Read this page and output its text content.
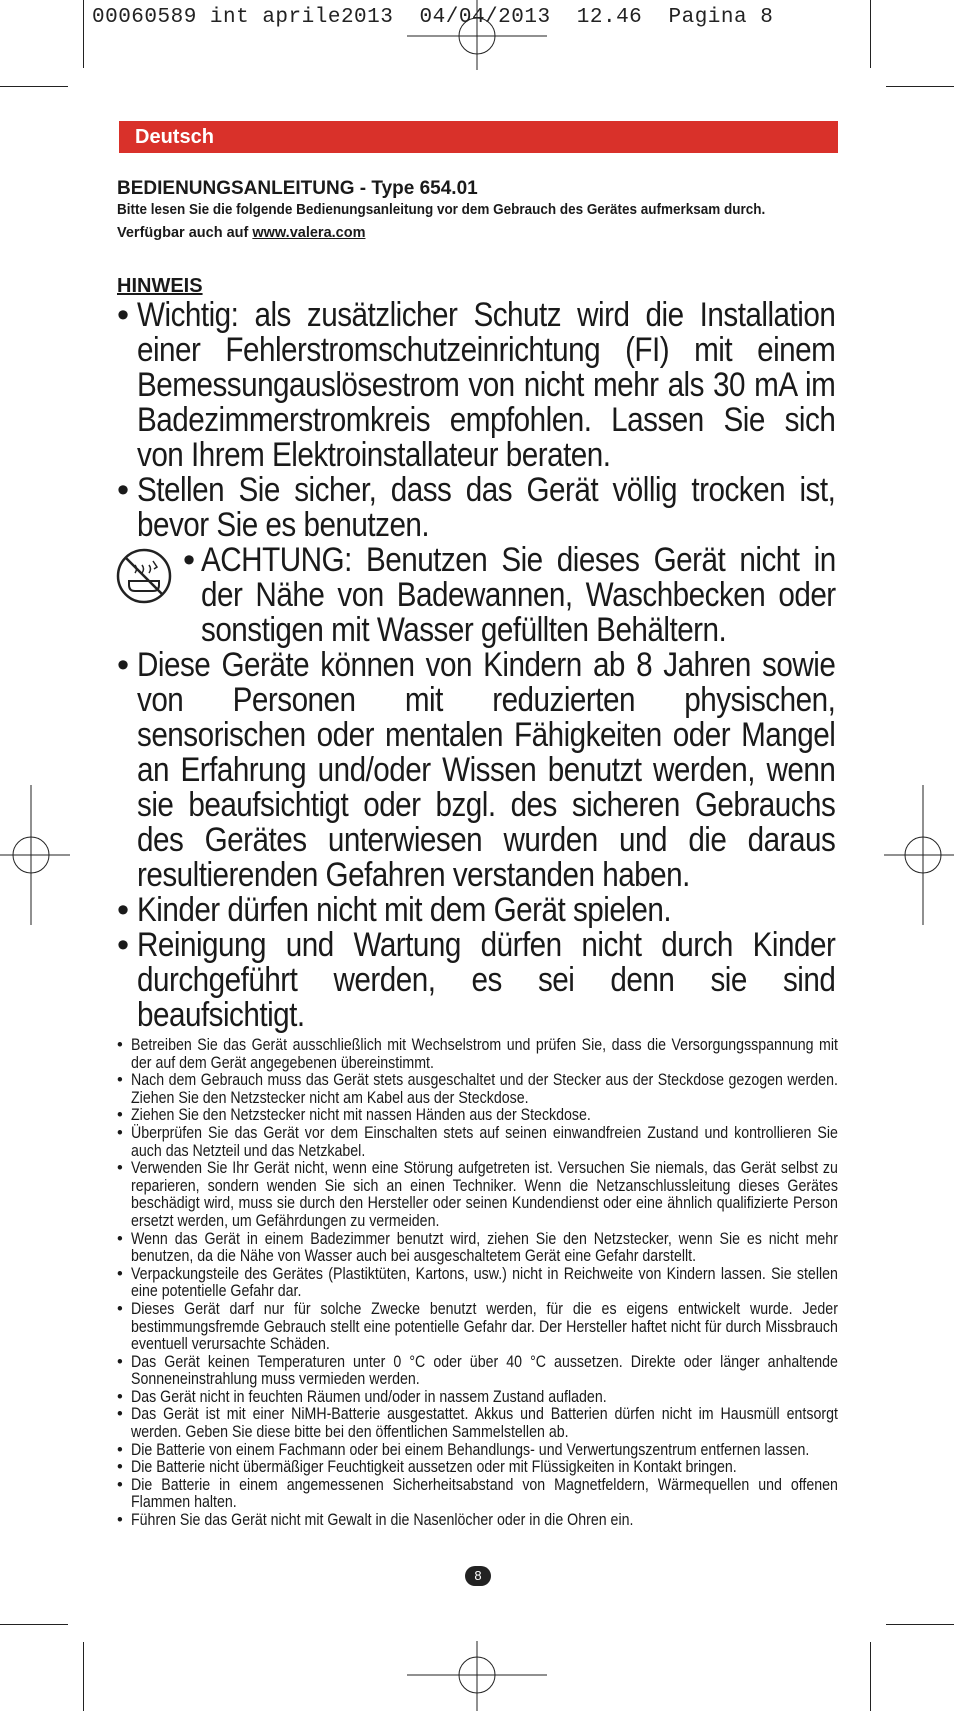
00060589 int aprile2013  04/04/2013  12.46  Pagina 8
Deutsch

BEDIENUNGSANLEITUNG - Type 654.01

Bitte lesen Sie die folgende Bedienungsanleitung vor dem Gebrauch des Gerätes aufmerksam durch.

Verfügbar auch auf www.valera.com

HINWEIS

• Wichtig: als zusätzlicher Schutz wird die Installation einer Fehlerstromschutzeinrichtung (FI) mit einem Bemessungauslösestrom von nicht mehr als 30 mA im Badezimmerstromkreis empfohlen. Lassen Sie sich von Ihrem Elektroinstallateur beraten.
• Stellen Sie sicher, dass das Gerät völlig trocken ist, bevor Sie es benutzen.
• ACHTUNG: Benutzen Sie dieses Gerät nicht in der Nähe von Badewannen, Waschbecken oder sonstigen mit Wasser gefüllten Behältern.
• Diese Geräte können von Kindern ab 8 Jahren sowie von Personen mit reduzierten physischen, sensorischen oder mentalen Fähigkeiten oder Mangel an Erfahrung und/oder Wissen benutzt werden, wenn sie beaufsichtigt oder bzgl. des sicheren Gebrauchs des Gerätes unterwiesen wurden und die daraus resultierenden Gefahren verstanden haben.
• Kinder dürfen nicht mit dem Gerät spielen.
• Reinigung und Wartung dürfen nicht durch Kinder durchgeführt werden, es sei denn sie sind beaufsichtigt.
• Betreiben Sie das Gerät ausschließlich mit Wechselstrom und prüfen Sie, dass die Versorgungsspannung mit der auf dem Gerät angegebenen übereinstimmt.
• Nach dem Gebrauch muss das Gerät stets ausgeschaltet und der Stecker aus der Steckdose gezogen werden. Ziehen Sie den Netzstecker nicht am Kabel aus der Steckdose.
• Ziehen Sie den Netzstecker nicht mit nassen Händen aus der Steckdose.
• Überprüfen Sie das Gerät vor dem Einschalten stets auf seinen einwandfreien Zustand und kontrollieren Sie auch das Netzteil und das Netzkabel.
• Verwenden Sie Ihr Gerät nicht, wenn eine Störung aufgetreten ist. Versuchen Sie niemals, das Gerät selbst zu reparieren, sondern wenden Sie sich an einen Techniker. Wenn die Netzanschlussleitung dieses Gerätes beschädigt wird, muss sie durch den Hersteller oder seinen Kundendienst oder eine ähnlich qualifizierte Person ersetzt werden, um Gefährdungen zu vermeiden.
• Wenn das Gerät in einem Badezimmer benutzt wird, ziehen Sie den Netzstecker, wenn Sie es nicht mehr benutzen, da die Nähe von Wasser auch bei ausgeschaltetem Gerät eine Gefahr darstellt.
• Verpackungsteile des Gerätes (Plastiktüten, Kartons, usw.) nicht in Reichweite von Kindern lassen. Sie stellen eine potentielle Gefahr dar.
• Dieses Gerät darf nur für solche Zwecke benutzt werden, für die es eigens entwickelt wurde. Jeder bestimmungsfremde Gebrauch stellt eine potentielle Gefahr dar. Der Hersteller haftet nicht für durch Missbrauch eventuell verursachte Schäden.
• Das Gerät keinen Temperaturen unter 0 °C oder über 40 °C aussetzen. Direkte oder länger anhaltende Sonneneinstrahlung muss vermieden werden.
• Das Gerät nicht in feuchten Räumen und/oder in nassem Zustand aufladen.
• Das Gerät ist mit einer NiMH-Batterie ausgestattet. Akkus und Batterien dürfen nicht im Hausmüll entsorgt werden. Geben Sie diese bitte bei den öffentlichen Sammelstellen ab.
• Die Batterie von einem Fachmann oder bei einem Behandlungs- und Verwertungszentrum entfernen lassen.
• Die Batterie nicht übermäßiger Feuchtigkeit aussetzen oder mit Flüssigkeiten in Kontakt bringen.
• Die Batterie in einem angemessenen Sicherheitsabstand von Magnetfeldern, Wärmequellen und offenen Flammen halten.
• Führen Sie das Gerät nicht mit Gewalt in die Nasenlöcher oder in die Ohren ein.
8
